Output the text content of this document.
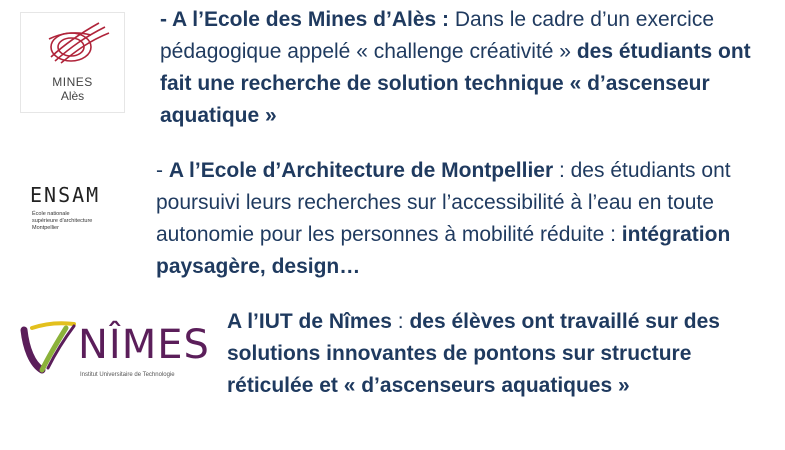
MINES
Alès
- A l’Ecole des Mines d’Alès : Dans le cadre d’un exercice pédagogique appelé « challenge créativité » des étudiants ont fait une recherche de solution technique « d’ascenseur aquatique »
ENSAM
École nationale
supérieure d'architecture
Montpellier
- A l’Ecole d’Architecture de Montpellier : des étudiants ont poursuivi leurs recherches sur l’accessibilité à l’eau en toute autonomie pour les personnes à mobilité réduite : intégration paysagère, design…
NÎMES
Institut Universitaire de Technologie
A l’IUT de Nîmes : des élèves ont travaillé sur des solutions innovantes de pontons sur structure réticulée et « d’ascenseurs aquatiques »
